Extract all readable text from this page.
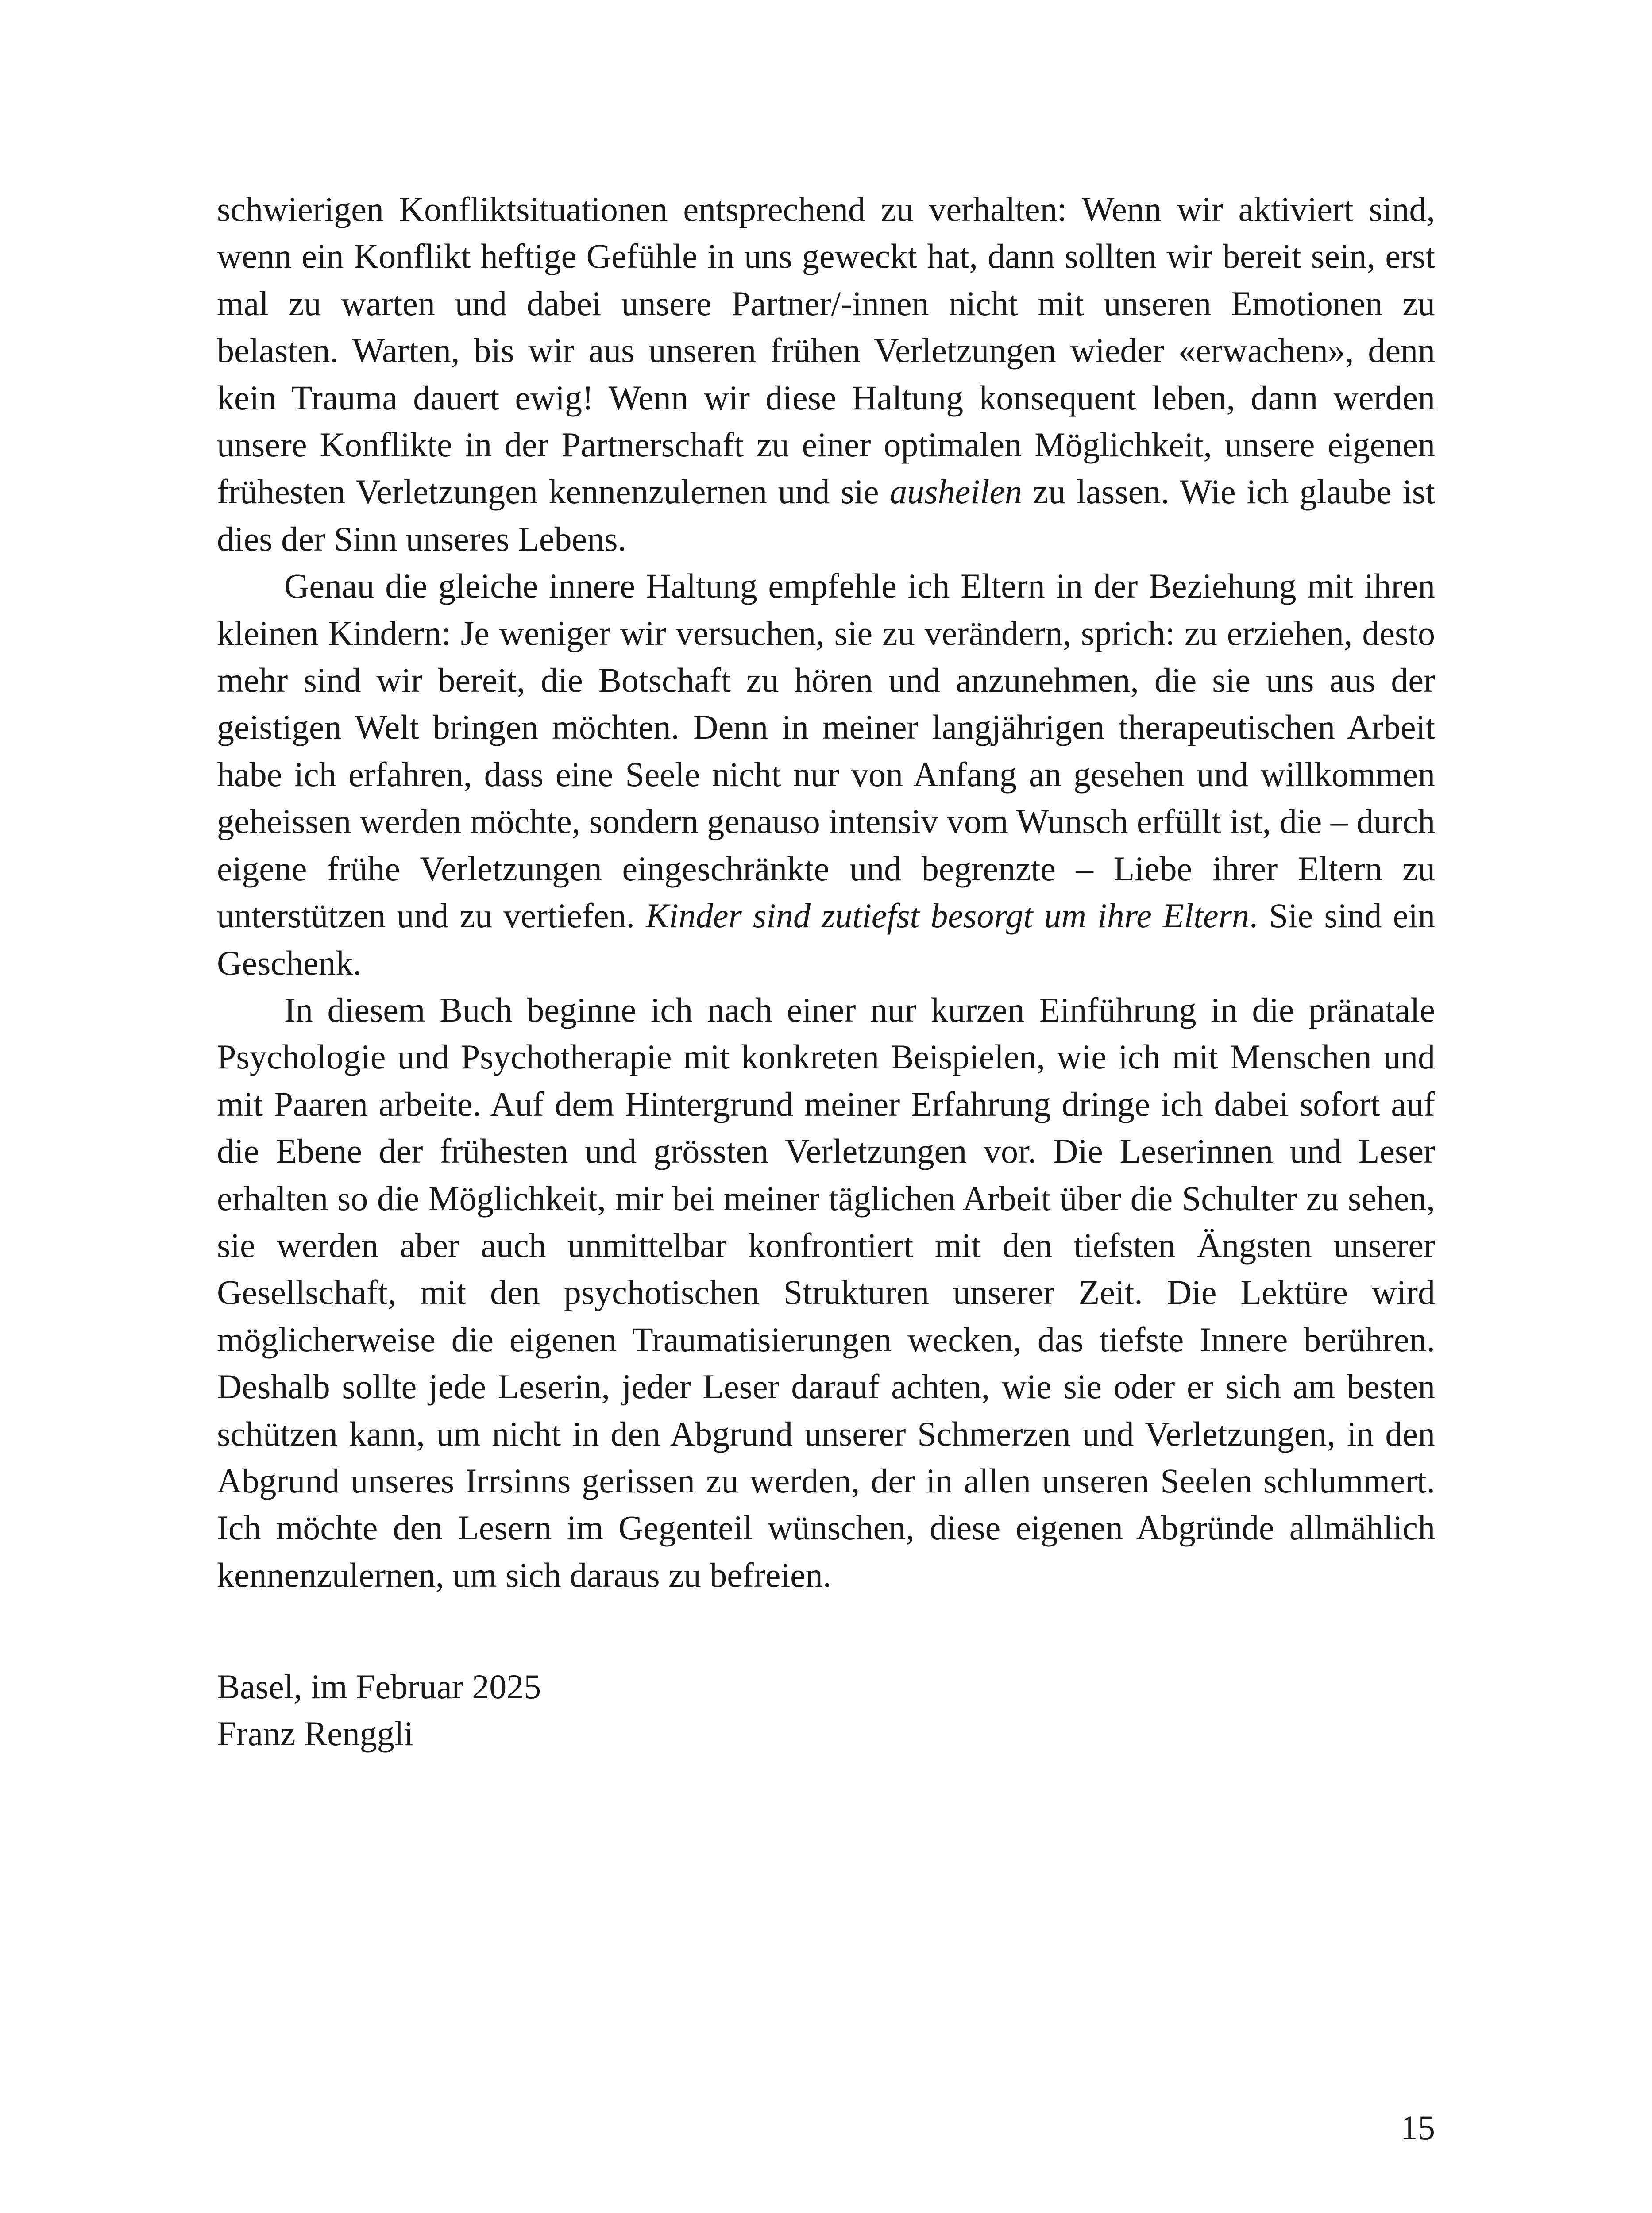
schwierigen Konfliktsituationen entsprechend zu verhalten: Wenn wir aktiviert sind, wenn ein Konflikt heftige Gefühle in uns geweckt hat, dann sollten wir bereit sein, erst mal zu warten und dabei unsere Partner/-innen nicht mit unseren Emotionen zu belasten. Warten, bis wir aus unseren frühen Verletzungen wieder «erwachen», denn kein Trauma dauert ewig! Wenn wir diese Haltung konsequent leben, dann werden unsere Konflikte in der Partnerschaft zu einer optimalen Möglichkeit, unsere eigenen frühesten Verletzungen kennenzulernen und sie ausheilen zu lassen. Wie ich glaube ist dies der Sinn unseres Lebens.

Genau die gleiche innere Haltung empfehle ich Eltern in der Beziehung mit ihren kleinen Kindern: Je weniger wir versuchen, sie zu verändern, sprich: zu erziehen, desto mehr sind wir bereit, die Botschaft zu hören und anzunehmen, die sie uns aus der geistigen Welt bringen möchten. Denn in meiner langjährigen therapeutischen Arbeit habe ich erfahren, dass eine Seele nicht nur von Anfang an gesehen und willkommen geheissen werden möchte, sondern genauso intensiv vom Wunsch erfüllt ist, die – durch eigene frühe Verletzungen eingeschränkte und begrenzte – Liebe ihrer Eltern zu unterstützen und zu vertiefen. Kinder sind zutiefst besorgt um ihre Eltern. Sie sind ein Geschenk.

In diesem Buch beginne ich nach einer nur kurzen Einführung in die pränatale Psychologie und Psychotherapie mit konkreten Beispielen, wie ich mit Menschen und mit Paaren arbeite. Auf dem Hintergrund meiner Erfahrung dringe ich dabei sofort auf die Ebene der frühesten und grössten Verletzungen vor. Die Leserinnen und Leser erhalten so die Möglichkeit, mir bei meiner täglichen Arbeit über die Schulter zu sehen, sie werden aber auch unmittelbar konfrontiert mit den tiefsten Ängsten unserer Gesellschaft, mit den psychotischen Strukturen unserer Zeit. Die Lektüre wird möglicherweise die eigenen Traumatisierungen wecken, das tiefste Innere berühren. Deshalb sollte jede Leserin, jeder Leser darauf achten, wie sie oder er sich am besten schützen kann, um nicht in den Abgrund unserer Schmerzen und Verletzungen, in den Abgrund unseres Irrsinns gerissen zu werden, der in allen unseren Seelen schlummert. Ich möchte den Lesern im Gegenteil wünschen, diese eigenen Abgründe allmählich kennenzulernen, um sich daraus zu befreien.

Basel, im Februar 2025
Franz Renggli
15
